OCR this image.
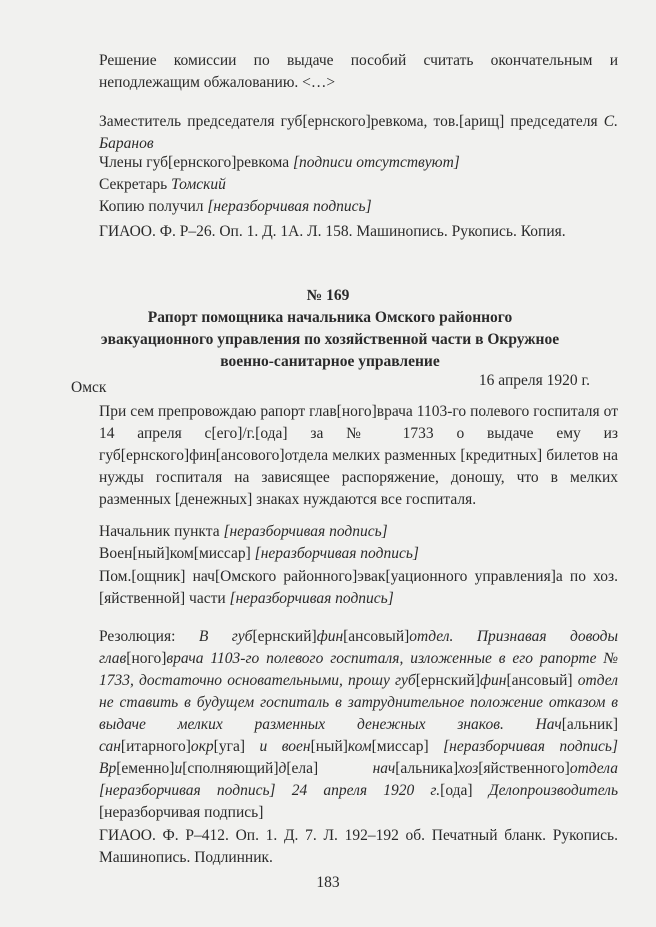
Решение комиссии по выдаче пособий считать окончательным и неподлежащим обжалованию. <…>

Заместитель председателя губ[ернского]ревкома, тов.[арищ] председателя С. Баранов

Члены губ[ернского]ревкома [подписи отсутствуют]
Секретарь Томский
Копию получил [неразборчивая подпись]
ГИАОО. Ф. Р–26. Оп. 1. Д. 1А. Л. 158. Машинопись. Рукопись. Копия.
№ 169
Рапорт помощника начальника Омского районного эвакуационного управления по хозяйственной части в Окружное военно-санитарное управление
Омск	16 апреля 1920 г.

При сем препровождаю рапорт глав[ного]врача 1103-го полевого госпиталя от 14 апреля с[его]/г.[ода] за № 1733 о выдаче ему из губ[ернского]фин[ансового]отдела мелких разменных [кредитных] билетов на нужды госпиталя на зависящее распоряжение, доношу, что в мелких разменных [денежных] знаках нуждаются все госпиталя.

Начальник пункта [неразборчивая подпись]
Воен[ный]ком[миссар] [неразборчивая подпись]

Пом.[ощник] нач[Омского районного]эвак[уационного управления]а по хоз.[яйственной] части [неразборчивая подпись]

Резолюция: В губ[ернский]фин[ансовый]отдел. Признавая доводы глав[ного]врача 1103-го полевого госпиталя, изложенные в его рапорте № 1733, достаточно основательными, прошу губ[ернский]фин[ансовый] отдел не ставить в будущем госпиталь в затруднительное положение отказом в выдаче мелких разменных денежных знаков. Нач[альник] сан[итарного]окр[уга] и воен[ный]ком[миссар] [неразборчивая подпись] Вр[еменно]и[сполняющий]д[ела] нач[альника]хоз[яйственного]отдела [неразборчивая подпись] 24 апреля 1920 г.[ода] Делопроизводитель [неразборчивая подпись]

ГИАОО. Ф. Р–412. Оп. 1. Д. 7. Л. 192–192 об. Печатный бланк. Рукопись. Машинопись. Подлинник.

183
